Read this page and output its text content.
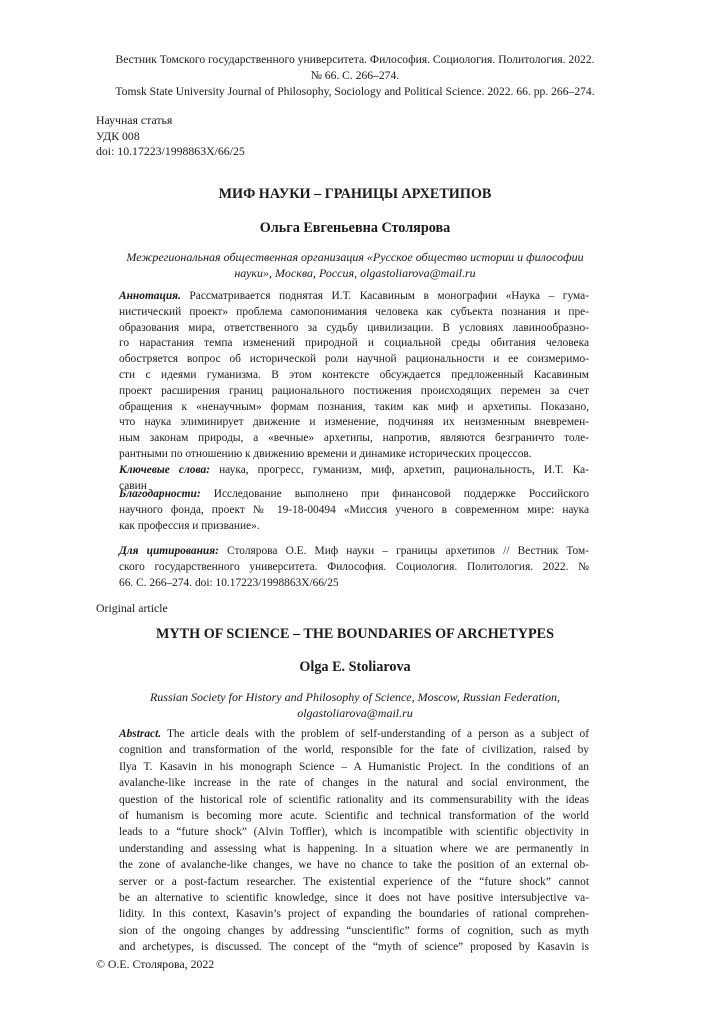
Вестник Томского государственного университета. Философия. Социология. Политология. 2022.
№ 66. С. 266–274.
Tomsk State University Journal of Philosophy, Sociology and Political Science. 2022. 66. pp. 266–274.
Научная статья
УДК 008
doi: 10.17223/1998863Х/66/25
МИФ НАУКИ – ГРАНИЦЫ АРХЕТИПОВ
Ольга Евгеньевна Столярова
Межрегиональная общественная организация «Русское общество истории и философии
науки», Москва, Россия, olgastoliarova@mail.ru
Аннотация. Рассматривается поднятая И.Т. Касавиным в монографии «Наука – гума-
нистический проект» проблема самопонимания человека как субъекта познания и пре-
образования мира, ответственного за судьбу цивилизации. В условиях лавинообразно-
го нарастания темпа изменений природной и социальной среды обитания человека
обостряется вопрос об исторической роли научной рациональности и ее соизмеримо-
сти с идеями гуманизма. В этом контексте обсуждается предложенный Касавиным
проект расширения границ рационального постижения происходящих перемен за счет
обращения к «ненаучным» формам познания, таким как миф и архетипы. Показано,
что наука элиминирует движение и изменение, подчиняя их неизменным вневремен-
ным законам природы, а «вечные» архетипы, напротив, являются безграничто толе-
рантными по отношению к движению времени и динамике исторических процессов.
Ключевые слова: наука, прогресс, гуманизм, миф, архетип, рациональность, И.Т. Ка-
савин
Благодарности: Исследование выполнено при финансовой поддержке Российского
научного фонда, проект № 19-18-00494 «Миссия ученого в современном мире: наука
как профессия и призвание».
Для цитирования: Столярова О.Е. Миф науки – границы архетипов // Вестник Том-
ского государственного университета. Философия. Социология. Политология. 2022. №
66. С. 266–274. doi: 10.17223/1998863Х/66/25
Original article
MYTH OF SCIENCE – THE BOUNDARIES OF ARCHETYPES
Olga E. Stoliarova
Russian Society for History and Philosophy of Science, Moscow, Russian Federation,
olgastoliarova@mail.ru
Abstract. The article deals with the problem of self-understanding of a person as a subject of
cognition and transformation of the world, responsible for the fate of civilization, raised by
Ilya T. Kasavin in his monograph Science – A Humanistic Project. In the conditions of an
avalanche-like increase in the rate of changes in the natural and social environment, the
question of the historical role of scientific rationality and its commensurability with the ideas
of humanism is becoming more acute. Scientific and technical transformation of the world
leads to a “future shock” (Alvin Toffler), which is incompatible with scientific objectivity in
understanding and assessing what is happening. In a situation where we are permanently in
the zone of avalanche-like changes, we have no chance to take the position of an external ob-
server or a post-factum researcher. The existential experience of the “future shock” cannot
be an alternative to scientific knowledge, since it does not have positive intersubjective va-
lidity. In this context, Kasavin’s project of expanding the boundaries of rational comprehen-
sion of the ongoing changes by addressing “unscientific” forms of cognition, such as myth
and archetypes, is discussed. The concept of the “myth of science” proposed by Kasavin is
© О.Е. Столярова, 2022
